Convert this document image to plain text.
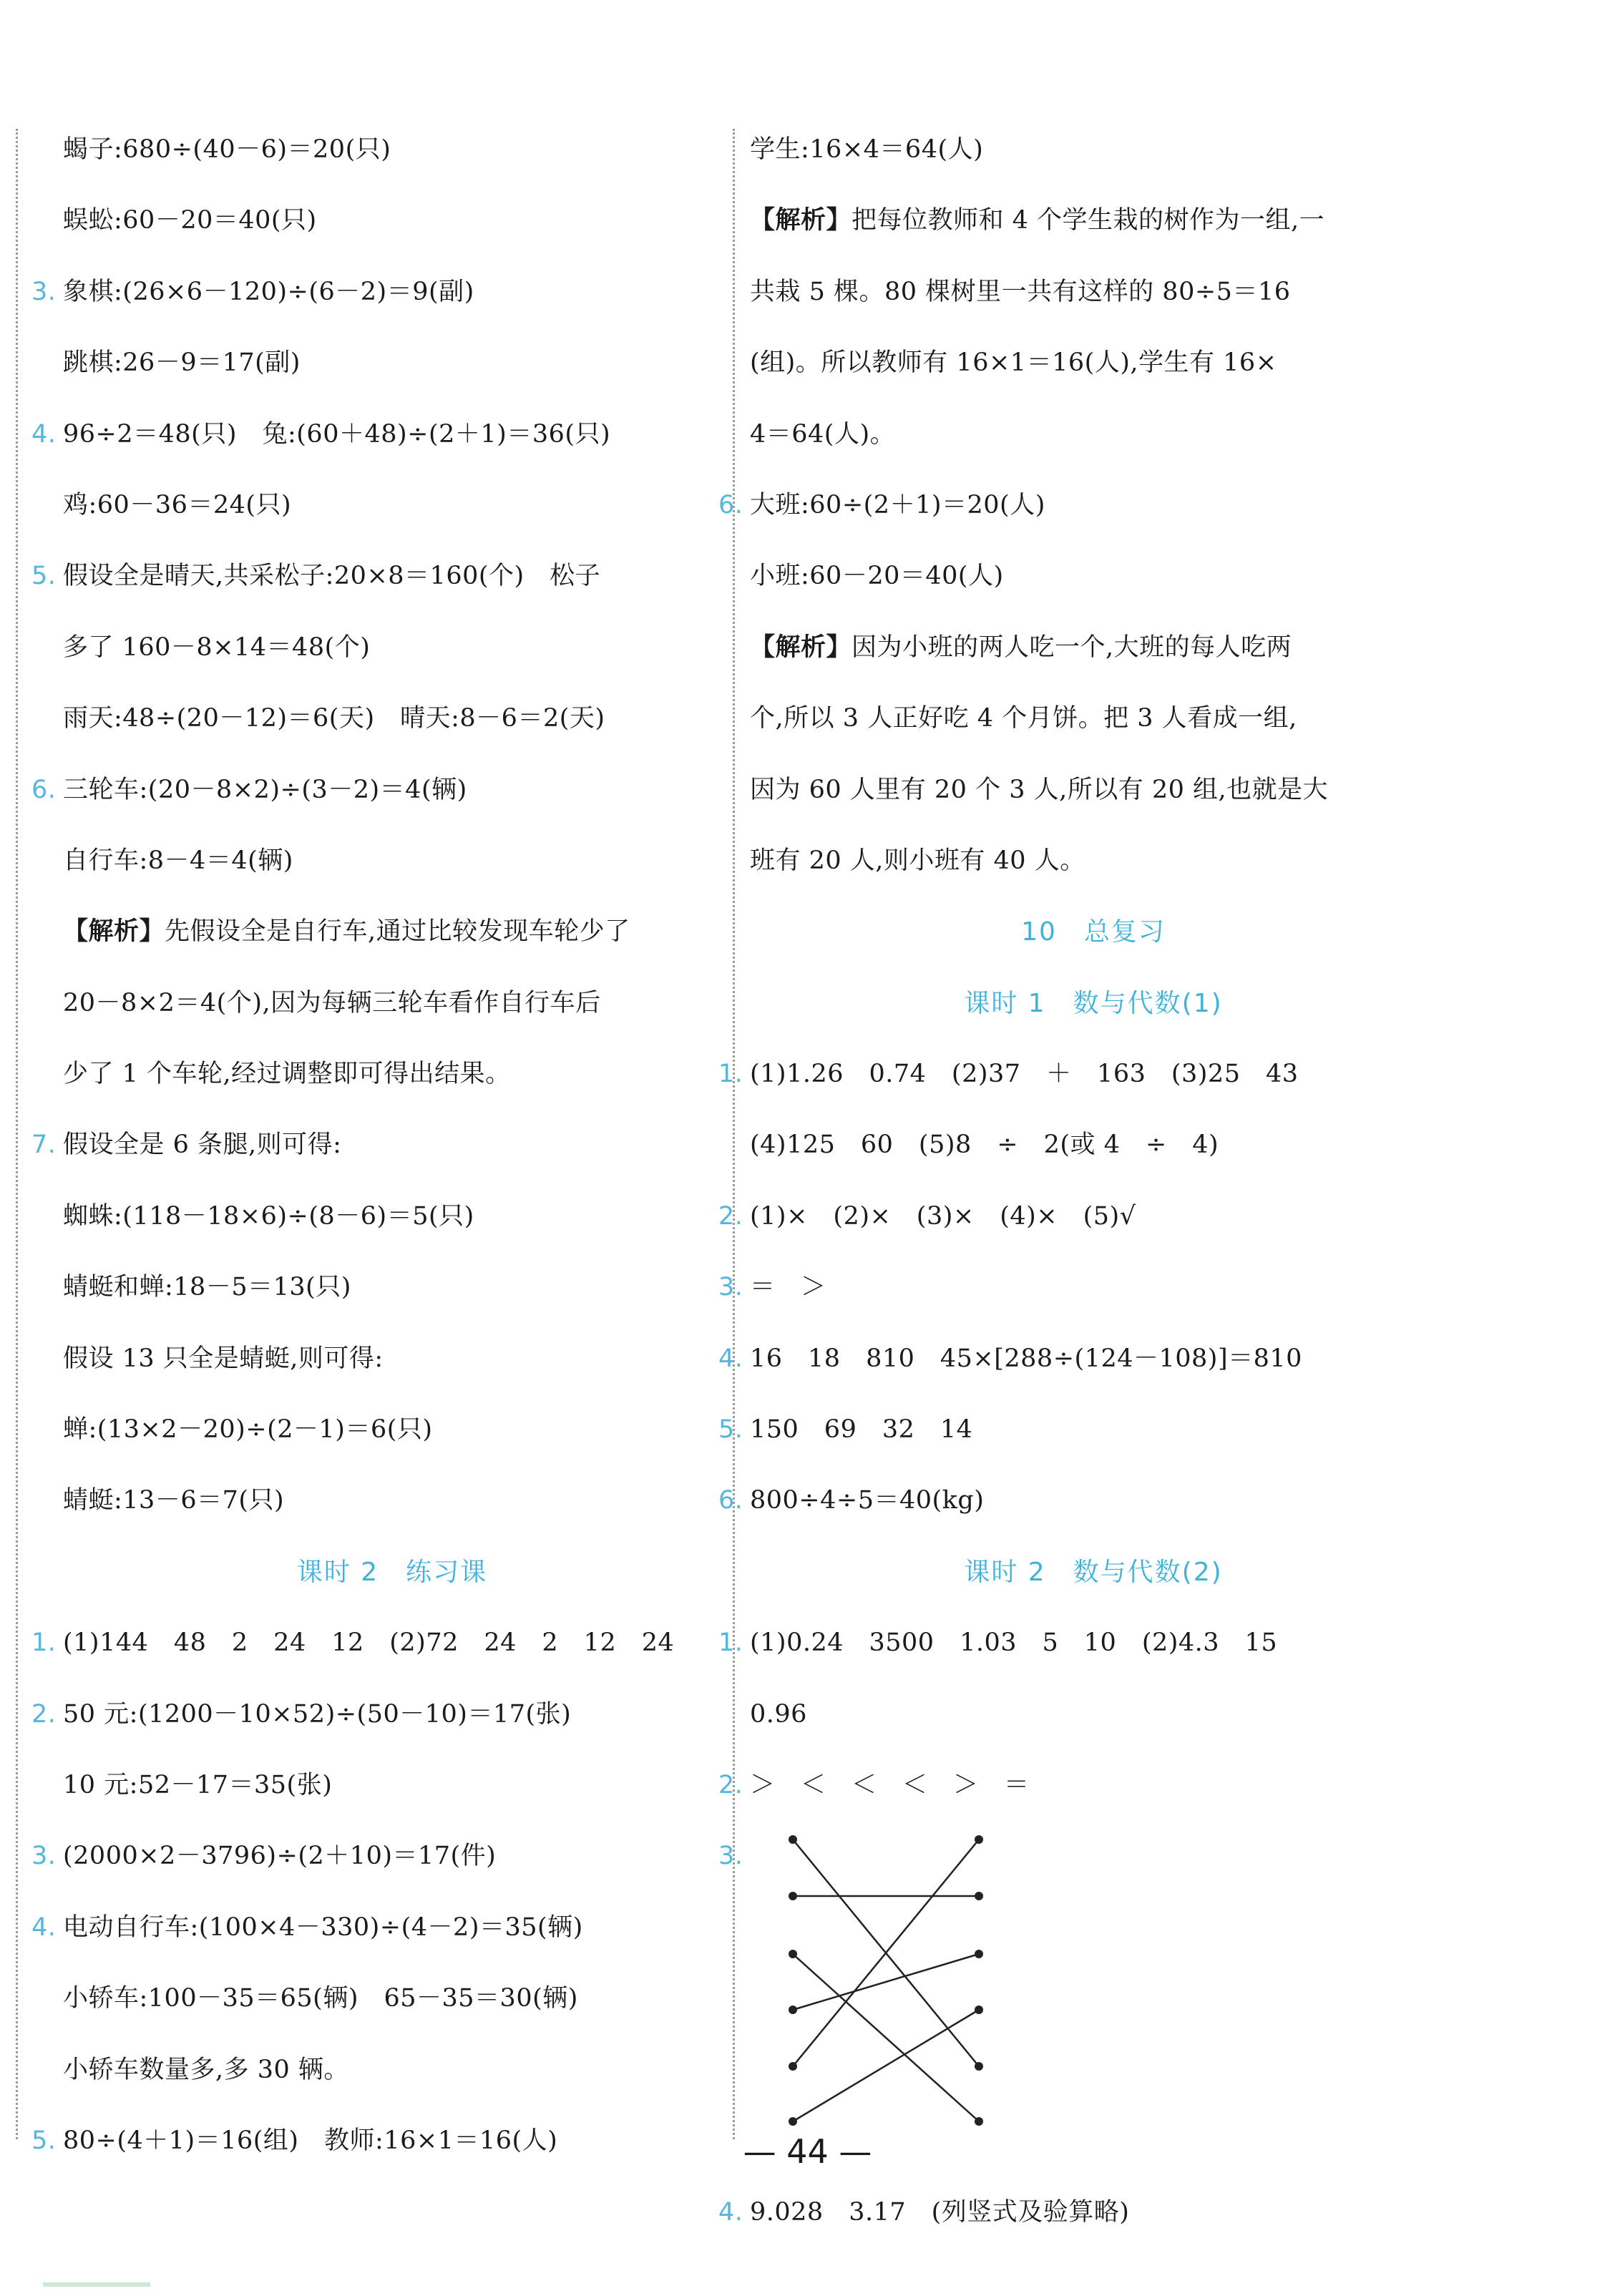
蝎子:680÷(40－6)＝20(只)
蜈蚣:60－20＝40(只)
3. 象棋:(26×6－120)÷(6－2)＝9(副)
跳棋:26－9＝17(副)
4. 96÷2＝48(只)　兔:(60＋48)÷(2＋1)＝36(只)
鸡:60－36＝24(只)
5. 假设全是晴天,共采松子:20×8＝160(个)　松子
多了 160－8×14＝48(个)
雨天:48÷(20－12)＝6(天)　晴天:8－6＝2(天)
6. 三轮车:(20－8×2)÷(3－2)＝4(辆)
自行车:8－4＝4(辆)
【解析】先假设全是自行车,通过比较发现车轮少了
20－8×2＝4(个),因为每辆三轮车看作自行车后
少了 1 个车轮,经过调整即可得出结果。
7. 假设全是 6 条腿,则可得:
蜘蛛:(118－18×6)÷(8－6)＝5(只)
蜻蜓和蝉:18－5＝13(只)
假设 13 只全是蜻蜓,则可得:
蝉:(13×2－20)÷(2－1)＝6(只)
蜻蜓:13－6＝7(只)
课时 2　练习课
1. (1)144　48　2　24　12　(2)72　24　2　12　24
2. 50 元:(1200－10×52)÷(50－10)＝17(张)
10 元:52－17＝35(张)
3. (2000×2－3796)÷(2＋10)＝17(件)
4. 电动自行车:(100×4－330)÷(4－2)＝35(辆)
小轿车:100－35＝65(辆)　65－35＝30(辆)
小轿车数量多,多 30 辆。
5. 80÷(4＋1)＝16(组)　教师:16×1＝16(人)
学生:16×4＝64(人)
【解析】把每位教师和 4 个学生栽的树作为一组,一
共栽 5 棵。80 棵树里一共有这样的 80÷5＝16
(组)。所以教师有 16×1＝16(人),学生有 16×
4＝64(人)。
6. 大班:60÷(2＋1)＝20(人)
小班:60－20＝40(人)
【解析】因为小班的两人吃一个,大班的每人吃两
个,所以 3 人正好吃 4 个月饼。把 3 人看成一组,
因为 60 人里有 20 个 3 人,所以有 20 组,也就是大
班有 20 人,则小班有 40 人。
10　总复习
课时 1　数与代数(1)
1. (1)1.26　0.74　(2)37　＋　163　(3)25　43
(4)125　60　(5)8　÷　2(或 4　÷　4)
2. (1)×　(2)×　(3)×　(4)×　(5)√
3. ＝　＞
4. 16　18　810　45×[288÷(124－108)]＝810
5. 150　69　32　14
6. 800÷4÷5＝40(kg)
课时 2　数与代数(2)
1. (1)0.24　3500　1.03　5　10　(2)4.3　15
0.96
2. ＞　＜　＜　＜　＞　＝
3.
4. 9.028　3.17　(列竖式及验算略)
— 44 —
